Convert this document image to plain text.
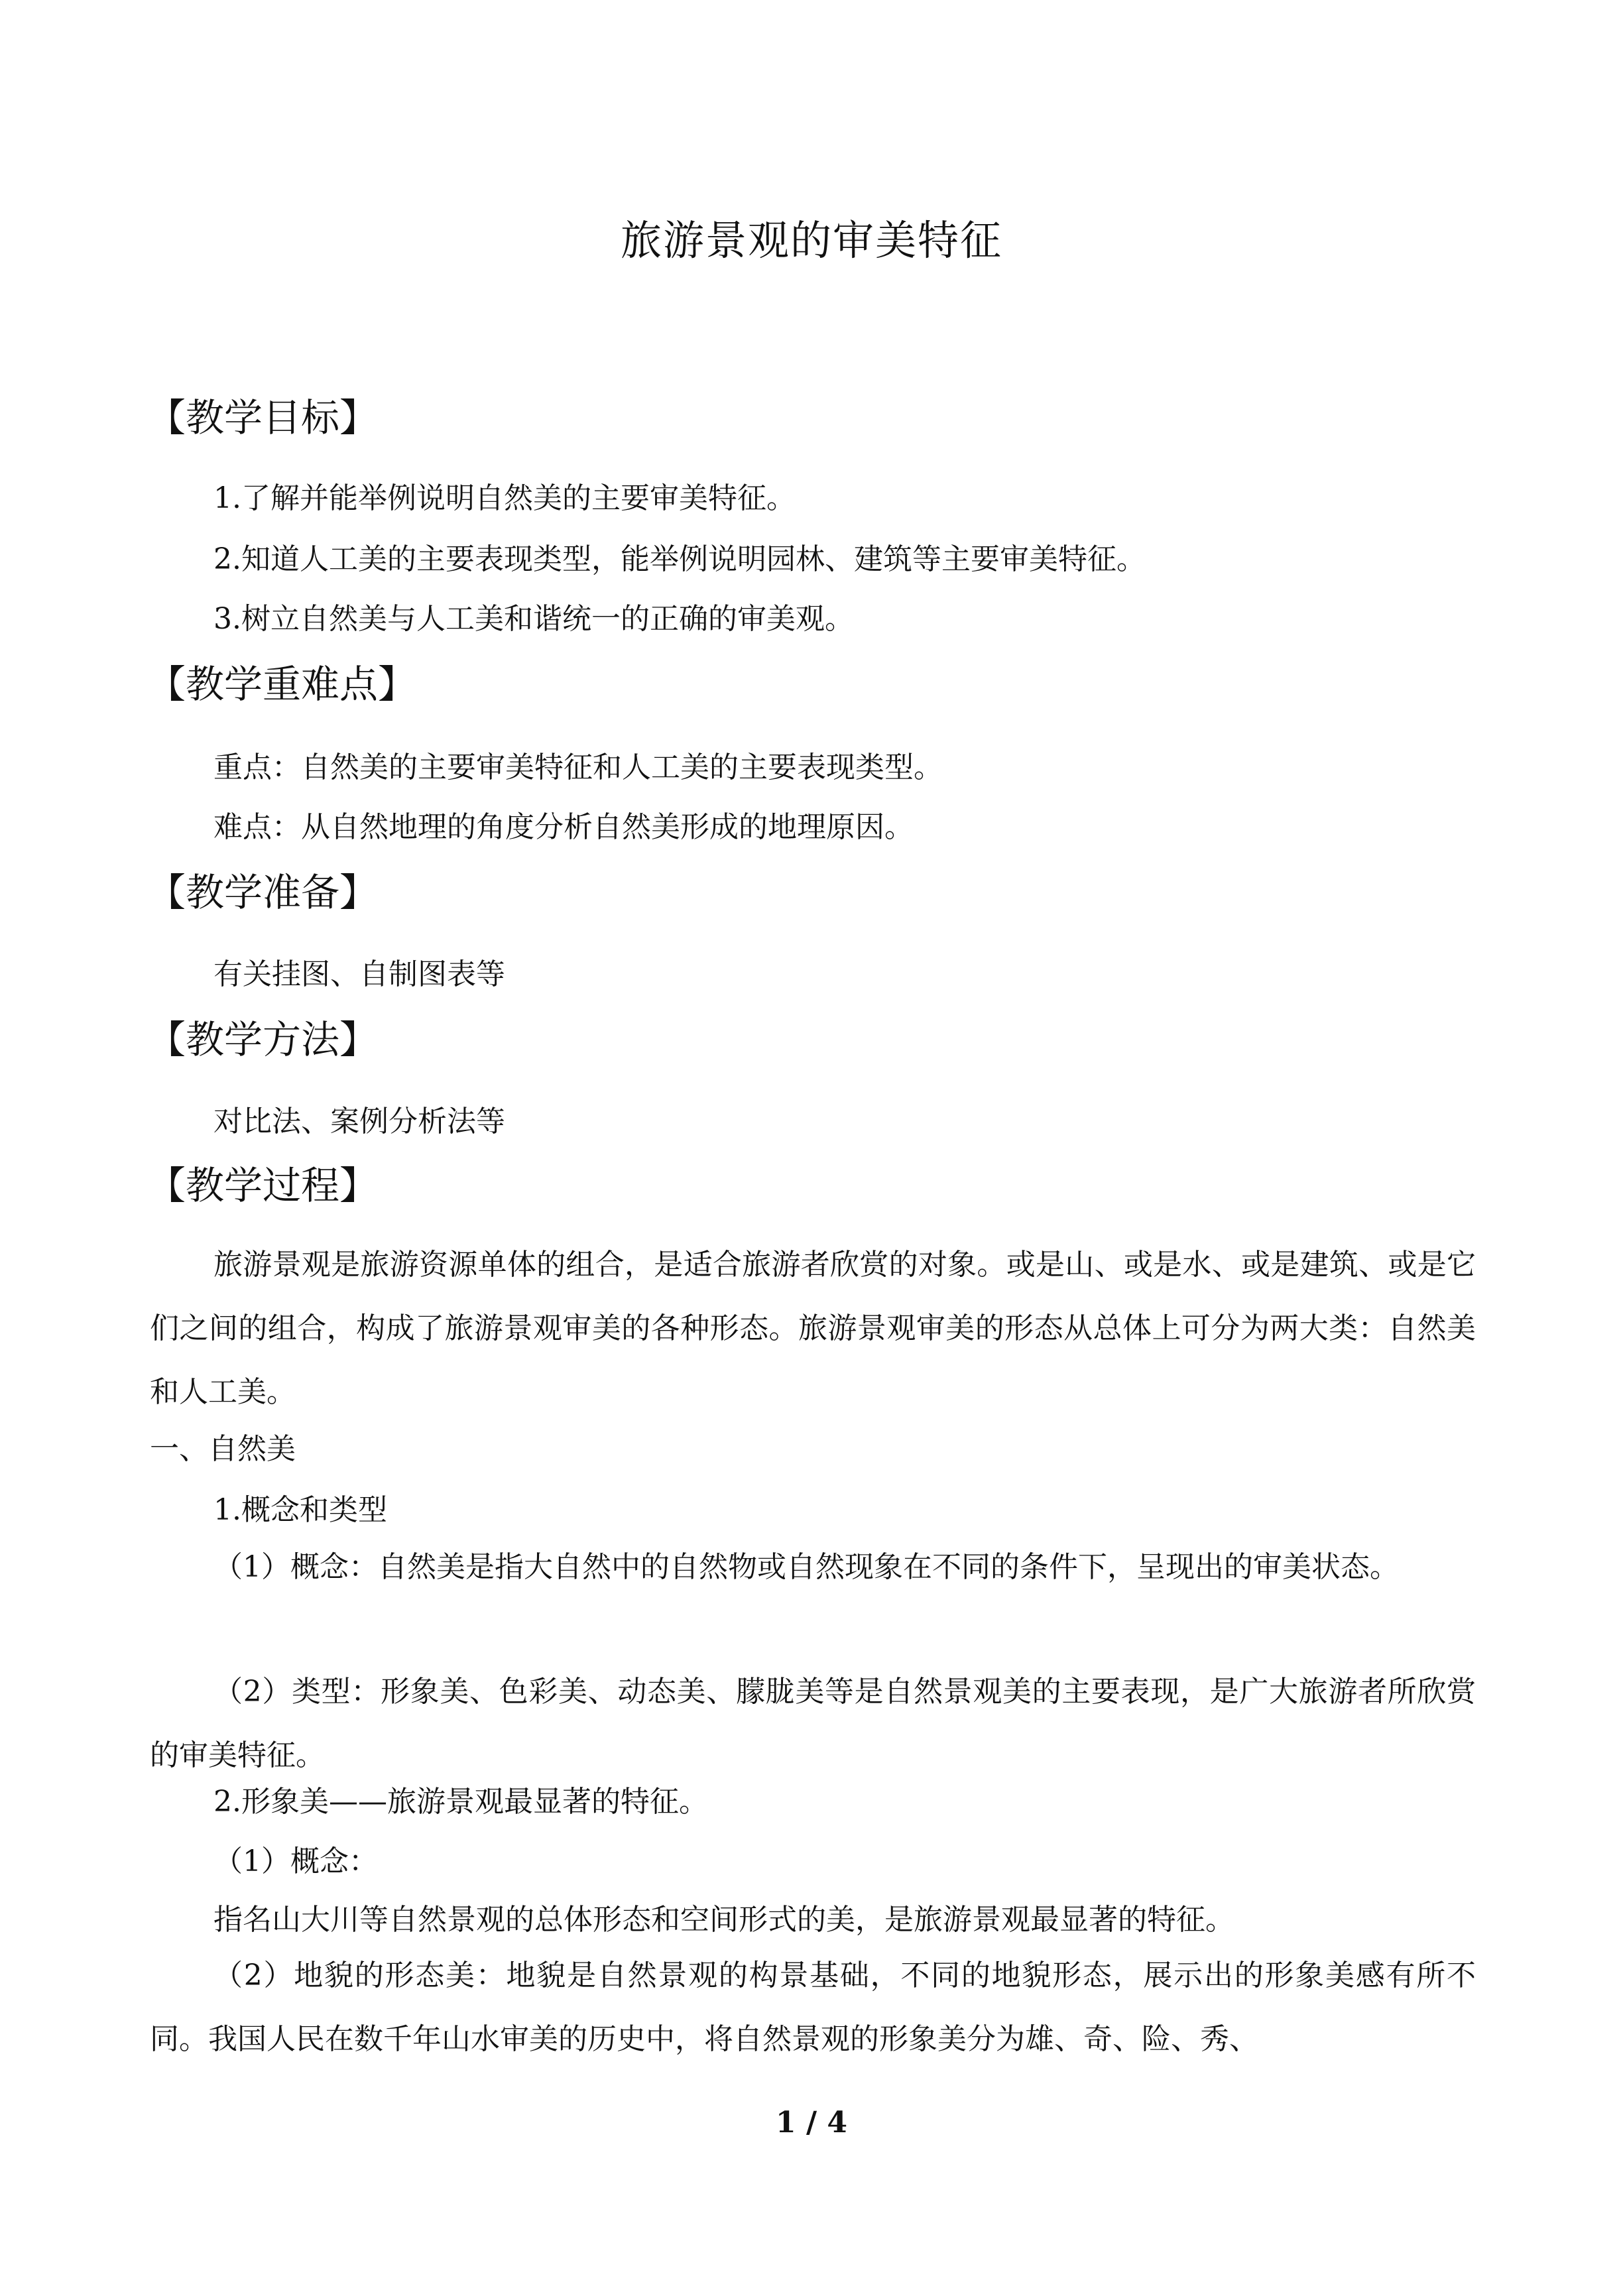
旅游景观的审美特征
【教学目标】
1.了解并能举例说明自然美的主要审美特征。
2.知道人工美的主要表现类型，能举例说明园林、建筑等主要审美特征。
3.树立自然美与人工美和谐统一的正确的审美观。
【教学重难点】
重点：自然美的主要审美特征和人工美的主要表现类型。
难点：从自然地理的角度分析自然美形成的地理原因。
【教学准备】
有关挂图、自制图表等
【教学方法】
对比法、案例分析法等
【教学过程】
旅游景观是旅游资源单体的组合，是适合旅游者欣赏的对象。或是山、或是水、或是建筑、或是它们之间的组合，构成了旅游景观审美的各种形态。旅游景观审美的形态从总体上可分为两大类：自然美和人工美。
一、自然美
1.概念和类型
（1）概念：自然美是指大自然中的自然物或自然现象在不同的条件下，呈现出的审美状态。
（2）类型：形象美、色彩美、动态美、朦胧美等是自然景观美的主要表现，是广大旅游者所欣赏的审美特征。
2.形象美——旅游景观最显著的特征。
（1）概念：
指名山大川等自然景观的总体形态和空间形式的美，是旅游景观最显著的特征。
（2）地貌的形态美：地貌是自然景观的构景基础，不同的地貌形态，展示出的形象美感有所不同。我国人民在数千年山水审美的历史中，将自然景观的形象美分为雄、奇、险、秀、
1 / 4
